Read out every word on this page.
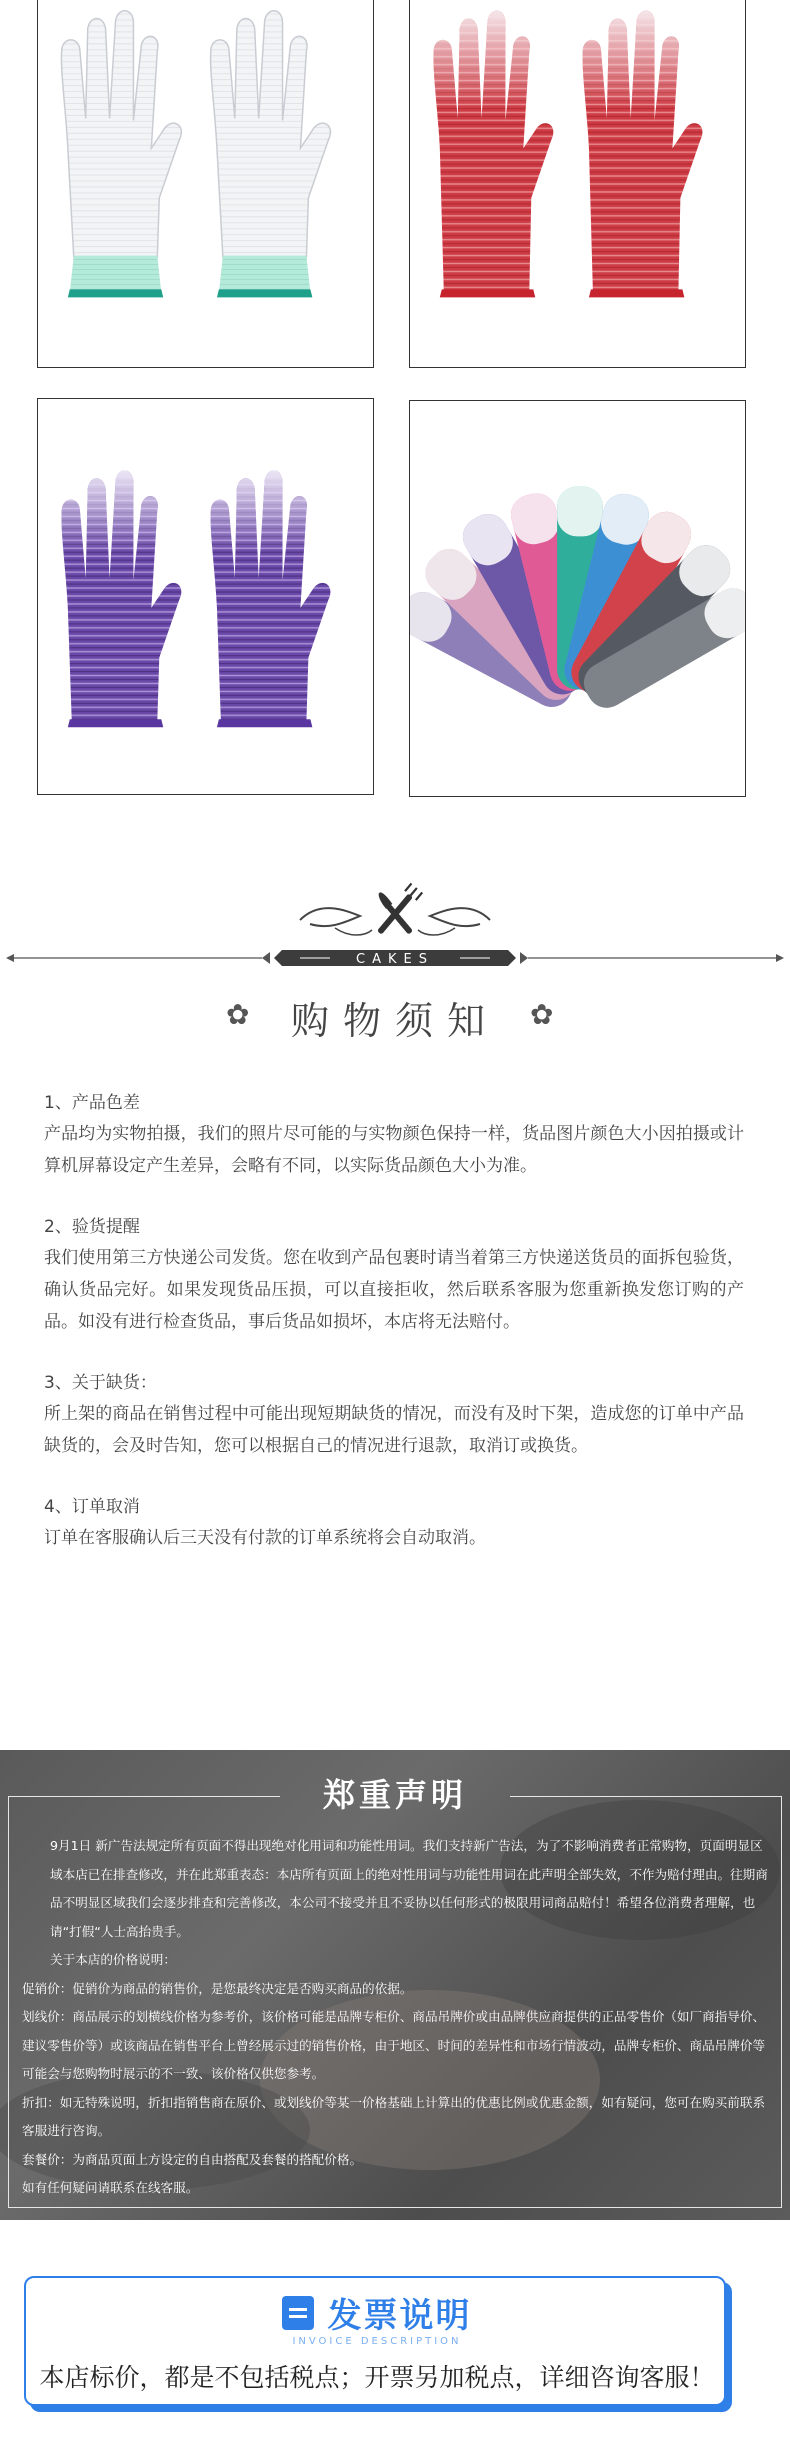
CAKES
✿	购物须知	✿
1、产品色差
产品均为实物拍摄，我们的照片尽可能的与实物颜色保持一样，货品图片颜色大小因拍摄或计算机屏幕设定产生差异，会略有不同，以实际货品颜色大小为准。
2、验货提醒
我们使用第三方快递公司发货。您在收到产品包裹时请当着第三方快递送货员的面拆包验货，确认货品完好。如果发现货品压损，可以直接拒收，然后联系客服为您重新换发您订购的产品。如没有进行检查货品，事后货品如损坏，本店将无法赔付。
3、关于缺货：
所上架的商品在销售过程中可能出现短期缺货的情况，而没有及时下架，造成您的订单中产品缺货的，会及时告知，您可以根据自己的情况进行退款，取消订或换货。
4、订单取消
订单在客服确认后三天没有付款的订单系统将会自动取消。
郑重声明

9月1日 新广告法规定所有页面不得出现绝对化用词和功能性用词。我们支持新广告法，为了不影响消费者正常购物，页面明显区域本店已在排查修改，并在此郑重表态：本店所有页面上的绝对性用词与功能性用词在此声明全部失效，不作为赔付理由。往期商品不明显区域我们会逐步排查和完善修改，本公司不接受并且不妥协以任何形式的极限用词商品赔付！希望各位消费者理解，也请“打假“人士高抬贵手。

关于本店的价格说明：

促销价：促销价为商品的销售价，是您最终决定是否购买商品的依据。

划线价：商品展示的划横线价格为参考价，该价格可能是品牌专柜价、商品吊牌价或由品牌供应商提供的正品零售价（如厂商指导价、建议零售价等）或该商品在销售平台上曾经展示过的销售价格，由于地区、时间的差异性和市场行情波动，品牌专柜价、商品吊牌价等可能会与您购物时展示的不一致、该价格仅供您参考。

折扣：如无特殊说明，折扣指销售商在原价、或划线价等某一价格基础上计算出的优惠比例或优惠金额，如有疑问，您可在购买前联系客服进行咨询。

套餐价：为商品页面上方设定的自由搭配及套餐的搭配价格。

如有任何疑问请联系在线客服。

发票说明
INVOICE DESCRIPTION
本店标价，都是不包括税点；开票另加税点，详细咨询客服！
